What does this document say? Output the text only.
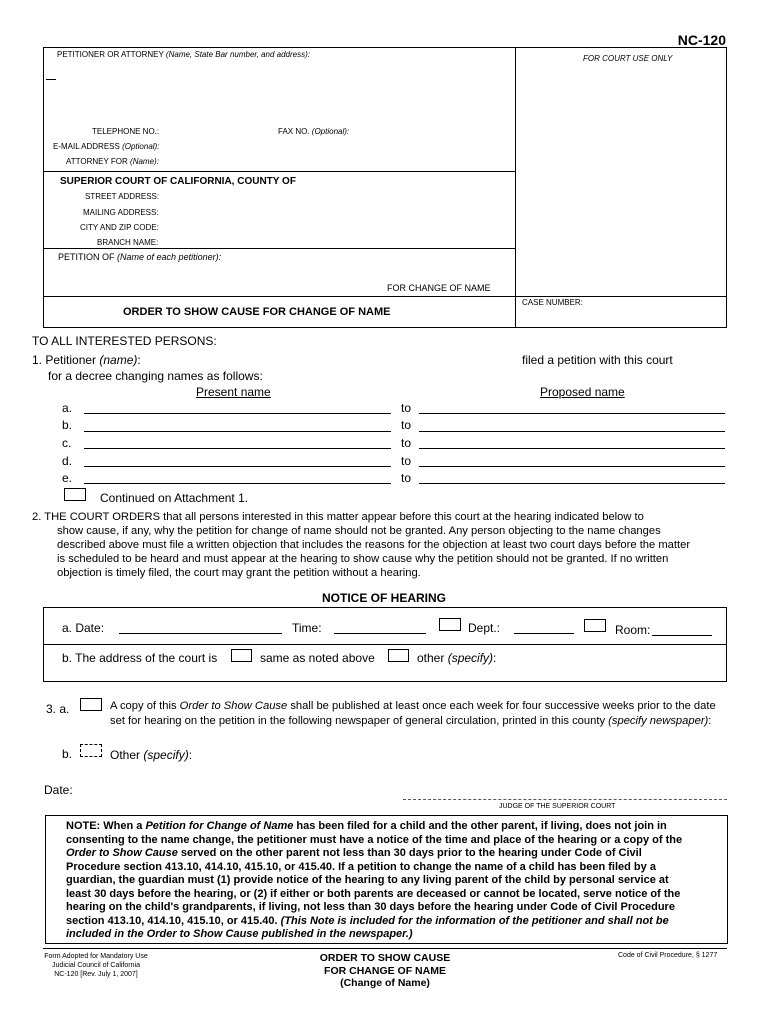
NC-120
PETITIONER OR ATTORNEY (Name, State Bar number, and address):	FOR COURT USE ONLY
TELEPHONE NO.:	FAX NO. (Optional):
E-MAIL ADDRESS (Optional):
ATTORNEY FOR (Name):
SUPERIOR COURT OF CALIFORNIA, COUNTY OF
STREET ADDRESS:
MAILING ADDRESS:
CITY AND ZIP CODE:
BRANCH NAME:
PETITION OF (Name of each petitioner):
FOR CHANGE OF NAME
ORDER TO SHOW CAUSE FOR CHANGE OF NAME
CASE NUMBER:
TO ALL INTERESTED PERSONS:
1. Petitioner (name):	filed a petition with this court
for a decree changing names as follows:
Present name	Proposed name
a.	to
b.	to
c.	to
d.	to
e.	to
Continued on Attachment 1.
2. THE COURT ORDERS that all persons interested in this matter appear before this court at the hearing indicated below to
show cause, if any, why the petition for change of name should not be granted. Any person objecting to the name changes
described above must file a written objection that includes the reasons for the objection at least two court days before the matter
is scheduled to be heard and must appear at the hearing to show cause why the petition should not be granted. If no written
objection is timely filed, the court may grant the petition without a hearing.
NOTICE OF HEARING
a. Date:	Time:	Dept.:	Room:
b. The address of the court is	same as noted above	other (specify):
3. a.	A copy of this Order to Show Cause shall be published at least once each week for four successive weeks prior to the date
set for hearing on the petition in the following newspaper of general circulation, printed in this county (specify newspaper):
b.	Other (specify):
Date:
JUDGE OF THE SUPERIOR COURT
NOTE: When a Petition for Change of Name has been filed for a child and the other parent, if living, does not join in
consenting to the name change, the petitioner must have a notice of the time and place of the hearing or a copy of the
Order to Show Cause served on the other parent not less than 30 days prior to the hearing under Code of Civil
Procedure section 413.10, 414.10, 415.10, or 415.40. If a petition to change the name of a child has been filed by a
guardian, the guardian must (1) provide notice of the hearing to any living parent of the child by personal service at
least 30 days before the hearing, or (2) if either or both parents are deceased or cannot be located, serve notice of the
hearing on the child's grandparents, if living, not less than 30 days before the hearing under Code of Civil Procedure
section 413.10, 414.10, 415.10, or 415.40. (This Note is included for the information of the petitioner and shall not be
included in the Order to Show Cause published in the newspaper.)
Form Adopted for Mandatory Use
Judicial Council of California
NC-120 [Rev. July 1, 2007]
ORDER TO SHOW CAUSE
FOR CHANGE OF NAME
(Change of Name)
Code of Civil Procedure, § 1277
